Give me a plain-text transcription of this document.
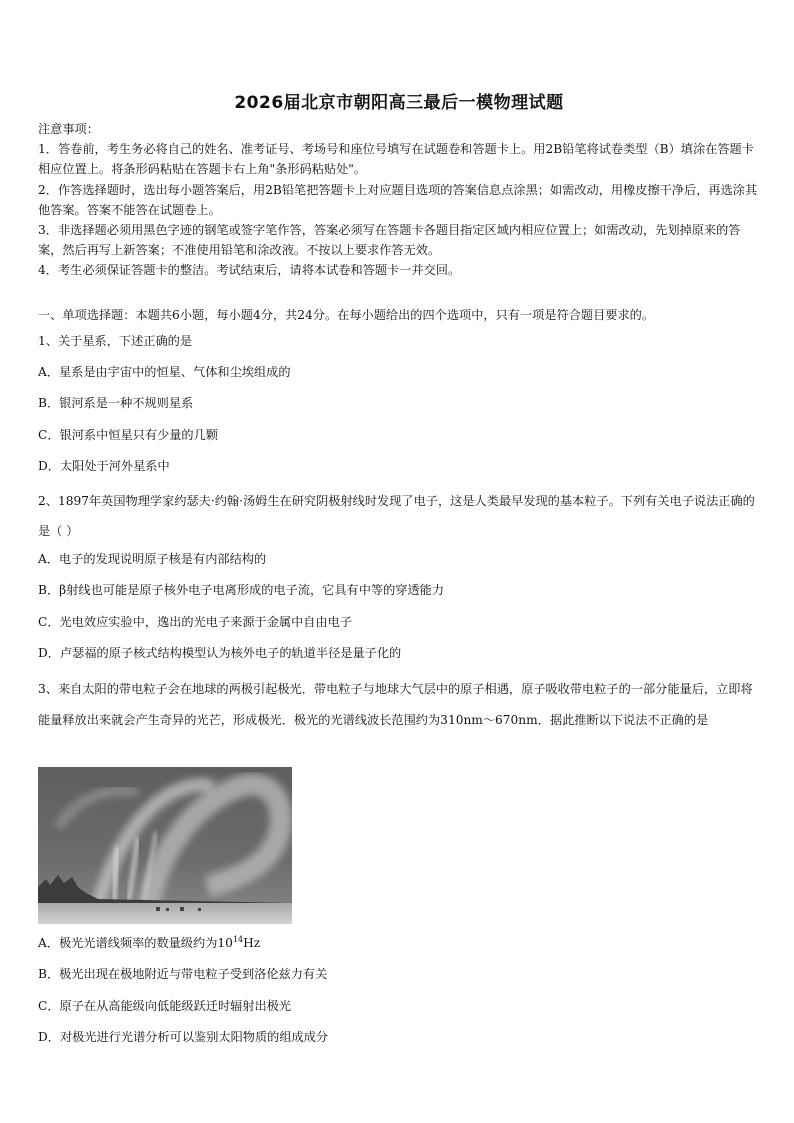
2026届北京市朝阳高三最后一模物理试题

注意事项：

1．答卷前，考生务必将自己的姓名、准考证号、考场号和座位号填写在试题卷和答题卡上。用2B铅笔将试卷类型（B）填涂在答题卡相应位置上。将条形码粘贴在答题卡右上角"条形码粘贴处"。

2．作答选择题时，选出每小题答案后，用2B铅笔把答题卡上对应题目选项的答案信息点涂黑；如需改动，用橡皮擦干净后，再选涂其他答案。答案不能答在试题卷上。

3．非选择题必须用黑色字迹的钢笔或签字笔作答，答案必须写在答题卡各题目指定区域内相应位置上；如需改动，先划掉原来的答案，然后再写上新答案；不准使用铅笔和涂改液。不按以上要求作答无效。

4．考生必须保证答题卡的整洁。考试结束后，请将本试卷和答题卡一并交回。

一、单项选择题：本题共6小题，每小题4分，共24分。在每小题给出的四个选项中，只有一项是符合题目要求的。
1、关于星系，下述正确的是
A．星系是由宇宙中的恒星、气体和尘埃组成的
B．银河系是一种不规则星系
C．银河系中恒星只有少量的几颗
D．太阳处于河外星系中
2、1897年英国物理学家约瑟夫·约翰·汤姆生在研究阴极射线时发现了电子，这是人类最早发现的基本粒子。下列有关电子说法正确的是（ ）
A．电子的发现说明原子核是有内部结构的
B．β射线也可能是原子核外电子电离形成的电子流，它具有中等的穿透能力
C．光电效应实验中，逸出的光电子来源于金属中自由电子
D．卢瑟福的原子核式结构模型认为核外电子的轨道半径是量子化的
3、来自太阳的带电粒子会在地球的两极引起极光．带电粒子与地球大气层中的原子相遇，原子吸收带电粒子的一部分能量后，立即将能量释放出来就会产生奇异的光芒，形成极光．极光的光谱线波长范围约为310nm～670nm．据此推断以下说法不正确的是
A．极光光谱线频率的数量级约为$10^{14}Hz$
B．极光出现在极地附近与带电粒子受到洛伦兹力有关
C．原子在从高能级向低能级跃迁时辐射出极光
D．对极光进行光谱分析可以鉴别太阳物质的组成成分
